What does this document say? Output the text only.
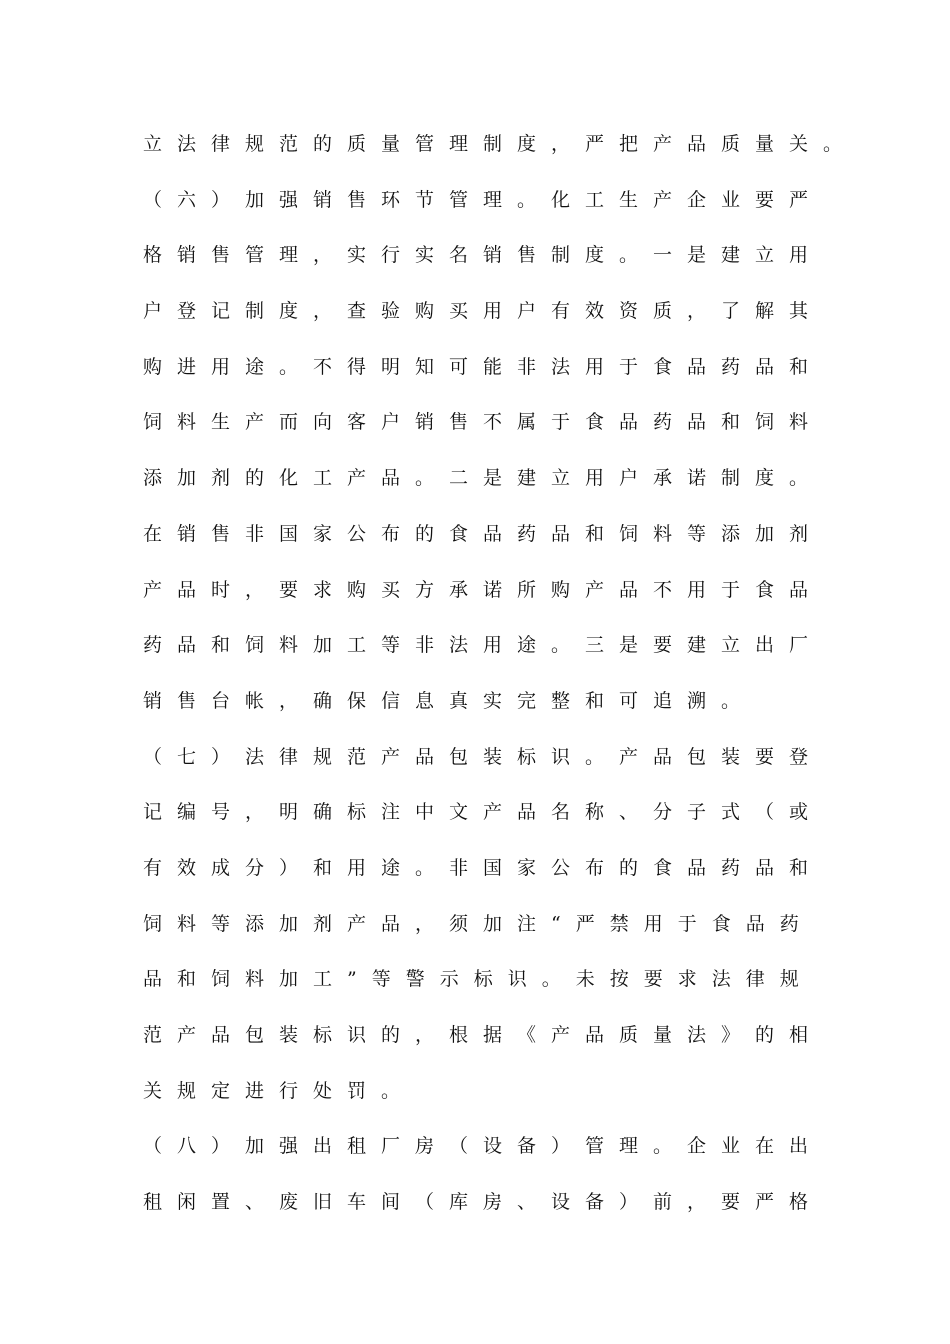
立法律规范的质量管理制度，严把产品质量关。
（六）加强销售环节管理。化工生产企业要严
格销售管理，实行实名销售制度。一是建立用
户登记制度，查验购买用户有效资质，了解其
购进用途。不得明知可能非法用于食品药品和
饲料生产而向客户销售不属于食品药品和饲料
添加剂的化工产品。二是建立用户承诺制度。
在销售非国家公布的食品药品和饲料等添加剂
产品时，要求购买方承诺所购产品不用于食品
药品和饲料加工等非法用途。三是要建立出厂
销售台帐，确保信息真实完整和可追溯。
（七）法律规范产品包装标识。产品包装要登
记编号，明确标注中文产品名称、分子式（或
有效成分）和用途。非国家公布的食品药品和
饲料等添加剂产品，须加注“严禁用于食品药
品和饲料加工”等警示标识。未按要求法律规
范产品包装标识的，根据《产品质量法》的相
关规定进行处罚。
（八）加强出租厂房（设备）管理。企业在出
租闲置、废旧车间（库房、设备）前，要严格
